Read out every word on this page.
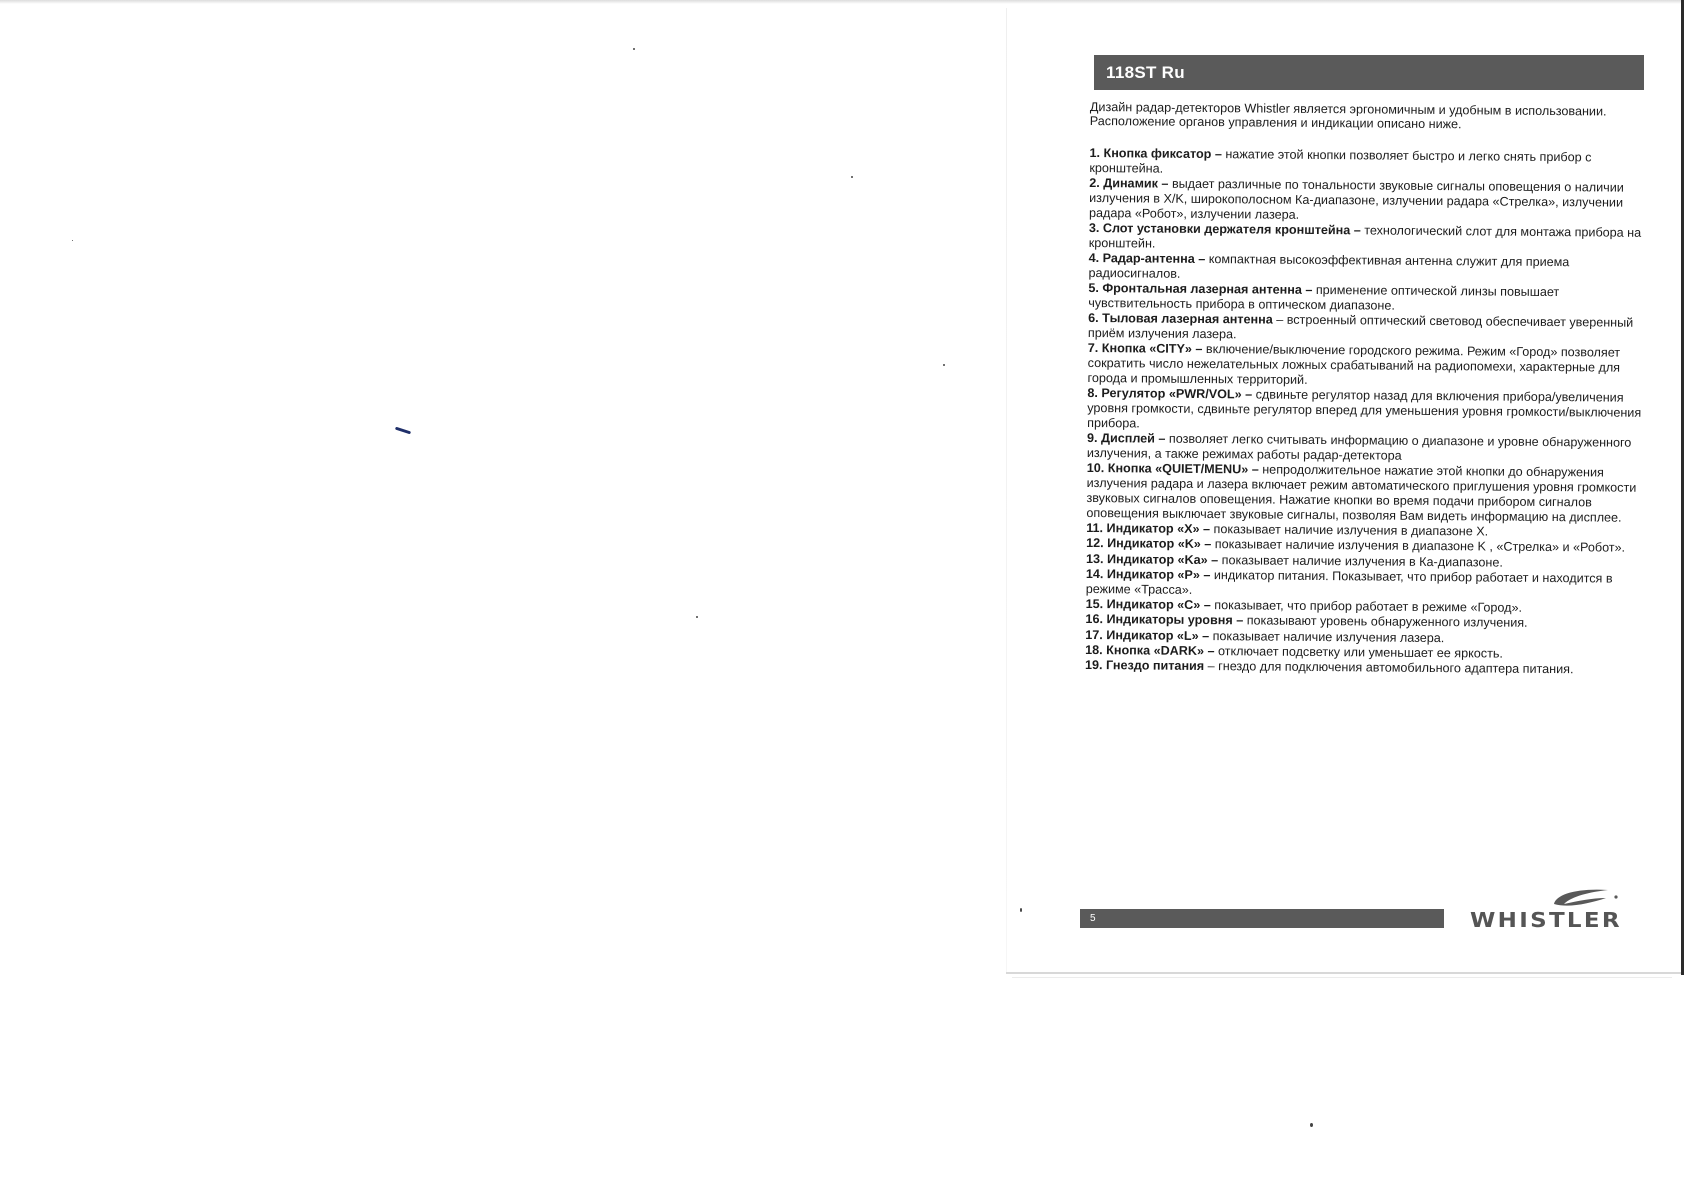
118ST Ru

Дизайн радар-детекторов Whistler является эргономичным и удобным в использовании. Расположение органов управления и индикации описано ниже.

1. Кнопка фиксатор – нажатие этой кнопки позволяет быстро и легко снять прибор с кронштейна.
2. Динамик – выдает различные по тональности звуковые сигналы оповещения о наличии излучения в X/K, широкополосном Ка-диапазоне, излучении радара «Стрелка», излучении радара «Робот», излучении лазера.
3. Слот установки держателя кронштейна – технологический слот для монтажа прибора на кронштейн.
4. Радар-антенна – компактная высокоэффективная антенна служит для приема радиосигналов.
5. Фронтальная лазерная антенна – применение оптической линзы повышает чувствительность прибора в оптическом диапазоне.
6. Тыловая лазерная антенна – встроенный оптический световод обеспечивает уверенный приём излучения лазера.
7. Кнопка «CITY» – включение/выключение городского режима. Режим «Город» позволяет сократить число нежелательных ложных срабатываний на радиопомехи, характерные для города и промышленных территорий.
8. Регулятор «PWR/VOL» – сдвиньте регулятор назад для включения прибора/увеличения уровня громкости, сдвиньте регулятор вперед для уменьшения уровня громкости/выключения прибора.
9. Дисплей – позволяет легко считывать информацию о диапазоне и уровне обнаруженного излучения, а также режимах работы радар-детектора
10. Кнопка «QUIET/MENU» – непродолжительное нажатие этой кнопки до обнаружения излучения радара и лазера включает режим автоматического приглушения уровня громкости звуковых сигналов оповещения. Нажатие кнопки во время подачи прибором сигналов оповещения выключает звуковые сигналы, позволяя Вам видеть информацию на дисплее.
11. Индикатор «X» – показывает наличие излучения в диапазоне X.
12. Индикатор «K» – показывает наличие излучения в диапазоне K , «Стрелка» и «Робот».
13. Индикатор «Ka» – показывает наличие излучения в Ка-диапазоне.
14. Индикатор «P» – индикатор питания. Показывает, что прибор работает и находится в режиме «Трасса».
15. Индикатор «C» – показывает, что прибор работает в режиме «Город».
16. Индикаторы уровня – показывают уровень обнаруженного излучения.
17. Индикатор «L» – показывает наличие излучения лазера.
18. Кнопка «DARK» – отключает подсветку или уменьшает ее яркость.
19. Гнездо питания – гнездо для подключения автомобильного адаптера питания.
5	WHISTLER
